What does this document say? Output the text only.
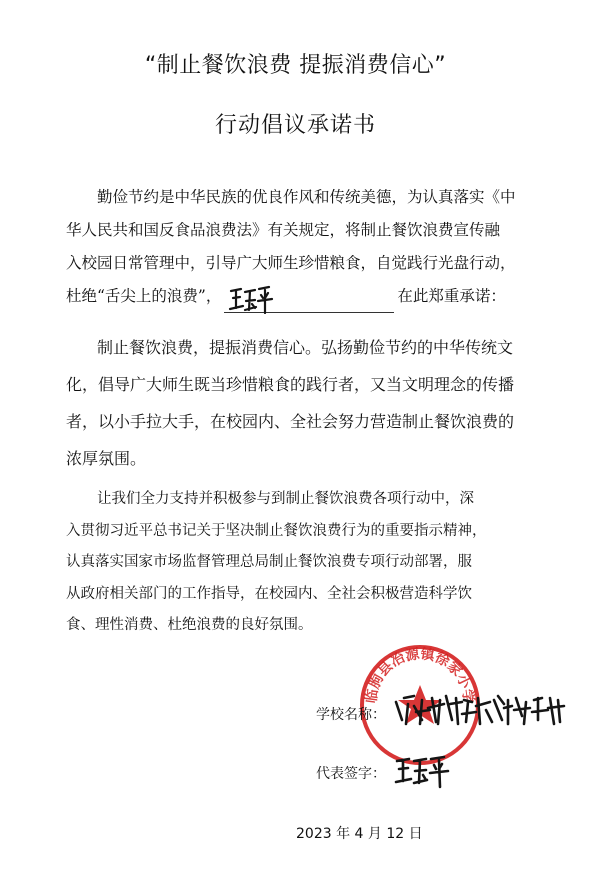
“制止餐饮浪费 提振消费信心”
行动倡议承诺书
勤俭节约是中华民族的优良作风和传统美德，为认真落实《中
华人民共和国反食品浪费法》有关规定，将制止餐饮浪费宣传融
入校园日常管理中，引导广大师生珍惜粮食，自觉践行光盘行动，
杜绝“舌尖上的浪费”，	在此郑重承诺：
制止餐饮浪费，提振消费信心。弘扬勤俭节约的中华传统文
化，倡导广大师生既当珍惜粮食的践行者，又当文明理念的传播
者，以小手拉大手，在校园内、全社会努力营造制止餐饮浪费的
浓厚氛围。
让我们全力支持并积极参与到制止餐饮浪费各项行动中，深
入贯彻习近平总书记关于坚决制止餐饮浪费行为的重要指示精神，
认真落实国家市场监督管理总局制止餐饮浪费专项行动部署，服
从政府相关部门的工作指导，在校园内、全社会积极营造科学饮
食、理性消费、杜绝浪费的良好氛围。
临朐县冶源镇徐家小学
学校名称：
代表签字：
2023 年 4 月 12 日
